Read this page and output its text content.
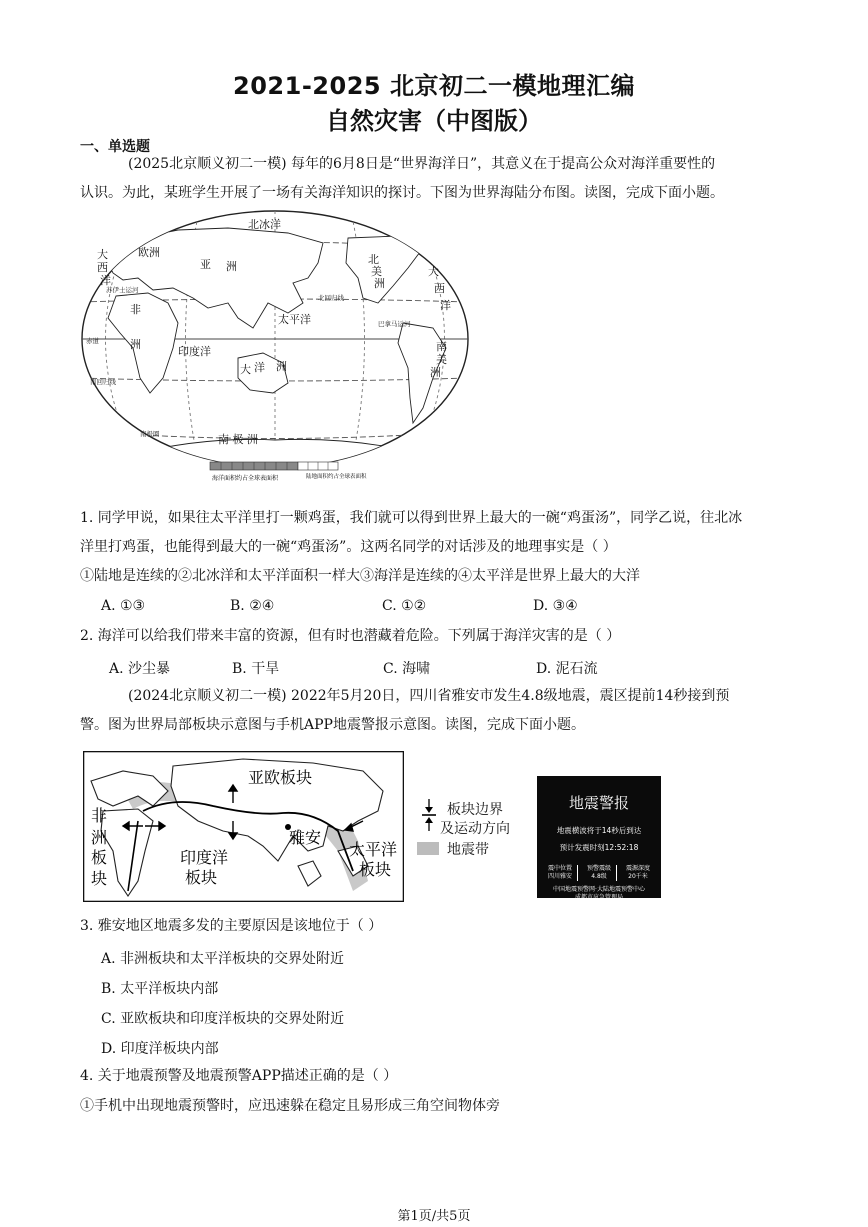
2021-2025 北京初二一模地理汇编
自然灾害（中图版）
一、单选题
(2025北京顺义初二一模) 每年的6月8日是“世界海洋日”，其意义在于提高公众对海洋重要性的
认识。为此，某班学生开展了一场有关海洋知识的探讨。下图为世界海陆分布图。读图，完成下面小题。
北冰洋
欧洲
亚 洲
北
美
洲
大
西
洋
大
西
洋
非
洲
太平洋
印度洋
大 洋 洲
南
美
洲
南 极 洲
赤道
巴拿马运河
苏伊士运河
北回归线
南回归线
南极圈
海洋面积约占全球表面积	陆地面积约占全球表面积
1. 同学甲说，如果往太平洋里打一颗鸡蛋，我们就可以得到世界上最大的一碗“鸡蛋汤”，同学乙说，往北冰
洋里打鸡蛋，也能得到最大的一碗“鸡蛋汤”。这两名同学的对话涉及的地理事实是（ ）
①陆地是连续的②北冰洋和太平洋面积一样大③海洋是连续的④太平洋是世界上最大的大洋
A. ①③	B. ②④	C. ①②	D. ③④
2. 海洋可以给我们带来丰富的资源，但有时也潜藏着危险。下列属于海洋灾害的是（ ）
A. 沙尘暴	B. 干旱	C. 海啸	D. 泥石流
(2024北京顺义初二一模) 2022年5月20日，四川省雅安市发生4.8级地震，震区提前14秒接到预
警。图为世界局部板块示意图与手机APP地震警报示意图。读图，完成下面小题。
亚欧板块
非
洲
板
块
印度洋
板块
雅安
太平洋
板块
板块边界
及运动方向
地震带
地震警报
地震横波将于14秒后到达
预计发震时刻12:52:18
震中位置
四川雅安
预警震级
4.8级
震源深度
20千米
中国地震预警网·大陆地震预警中心
成都市应急管理局
3. 雅安地区地震多发的主要原因是该地位于（ ）
A. 非洲板块和太平洋板块的交界处附近
B. 太平洋板块内部
C. 亚欧板块和印度洋板块的交界处附近
D. 印度洋板块内部
4. 关于地震预警及地震预警APP描述正确的是（ ）
①手机中出现地震预警时，应迅速躲在稳定且易形成三角空间物体旁
第1页/共5页
